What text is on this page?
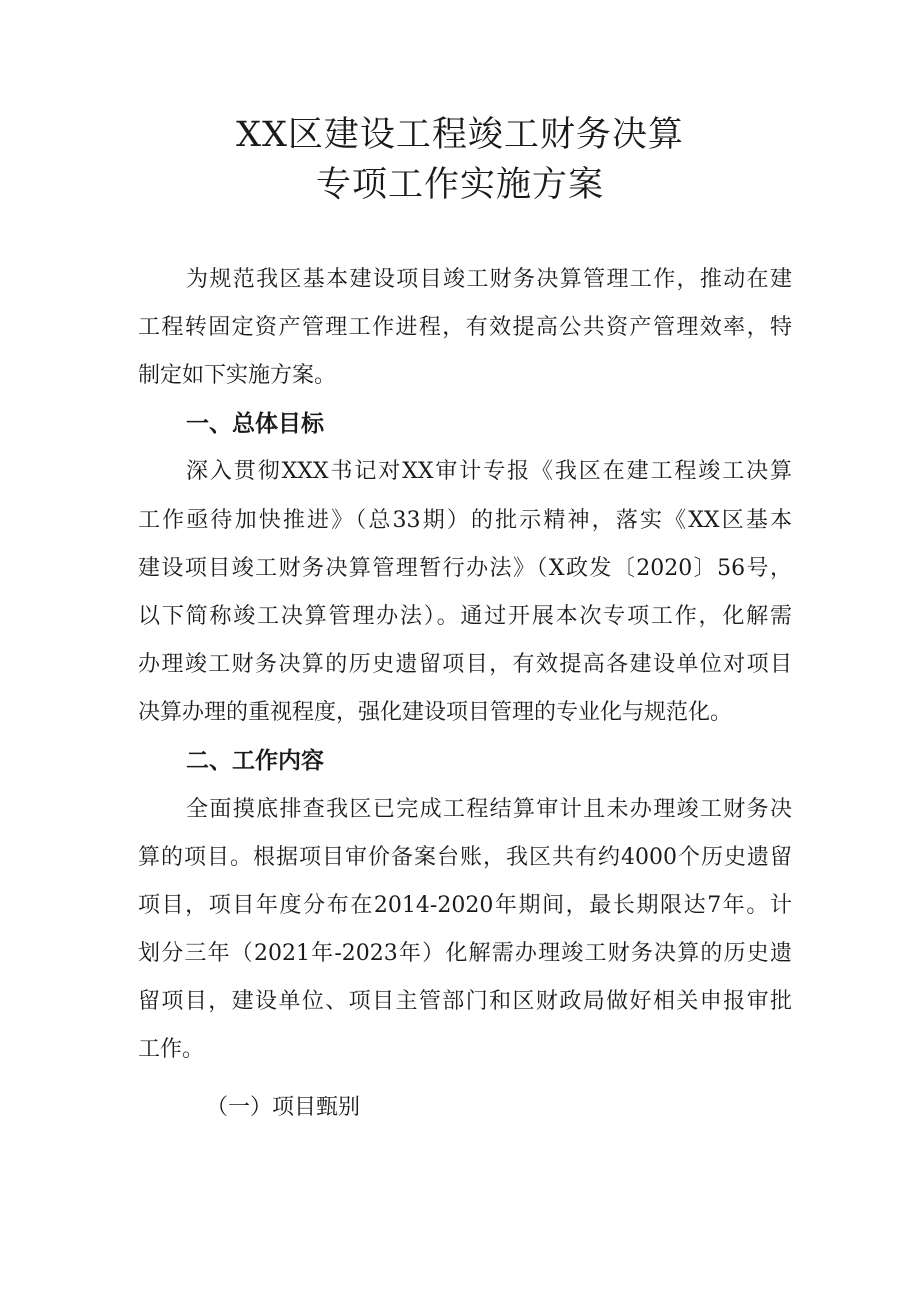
XX区建设工程竣工财务决算
专项工作实施方案
为规范我区基本建设项目竣工财务决算管理工作，推动在建
工程转固定资产管理工作进程，有效提高公共资产管理效率，特
制定如下实施方案。
一、总体目标
深入贯彻XXX书记对XX审计专报《我区在建工程竣工决算
工作亟待加快推进》（总33期）的批示精神，落实《XX区基本
建设项目竣工财务决算管理暂行办法》（X政发〔2020〕56号，
以下简称竣工决算管理办法）。通过开展本次专项工作，化解需
办理竣工财务决算的历史遗留项目，有效提高各建设单位对项目
决算办理的重视程度，强化建设项目管理的专业化与规范化。
二、工作内容
全面摸底排查我区已完成工程结算审计且未办理竣工财务决
算的项目。根据项目审价备案台账，我区共有约4000个历史遗留
项目，项目年度分布在2014-2020年期间，最长期限达7年。计
划分三年（2021年-2023年）化解需办理竣工财务决算的历史遗
留项目，建设单位、项目主管部门和区财政局做好相关申报审批
工作。
（一）项目甄别
